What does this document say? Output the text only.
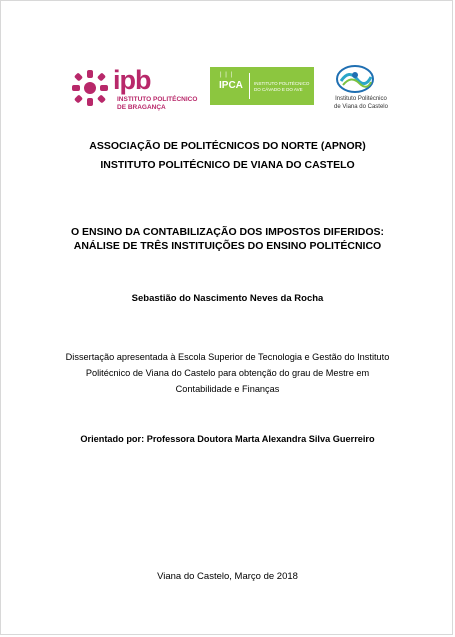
ipb
INSTITUTO POLITÉCNICO
DE BRAGANÇA
| | |
IPCA INSTITUTO POLITÉCNICO
DO CÁVADO E DO AVE
Instituto Politécnico
de Viana do Castelo
ASSOCIAÇÃO DE POLITÉCNICOS DO NORTE (APNOR)
INSTITUTO POLITÉCNICO DE VIANA DO CASTELO
O ENSINO DA CONTABILIZAÇÃO DOS IMPOSTOS DIFERIDOS:
ANÁLISE DE TRÊS INSTITUIÇÕES DO ENSINO POLITÉCNICO
Sebastião do Nascimento Neves da Rocha
Dissertação apresentada à Escola Superior de Tecnologia e Gestão do Instituto Politécnico de Viana do Castelo para obtenção do grau de Mestre em Contabilidade e Finanças
Orientado por: Professora Doutora Marta Alexandra Silva Guerreiro
Viana do Castelo, Março de 2018
